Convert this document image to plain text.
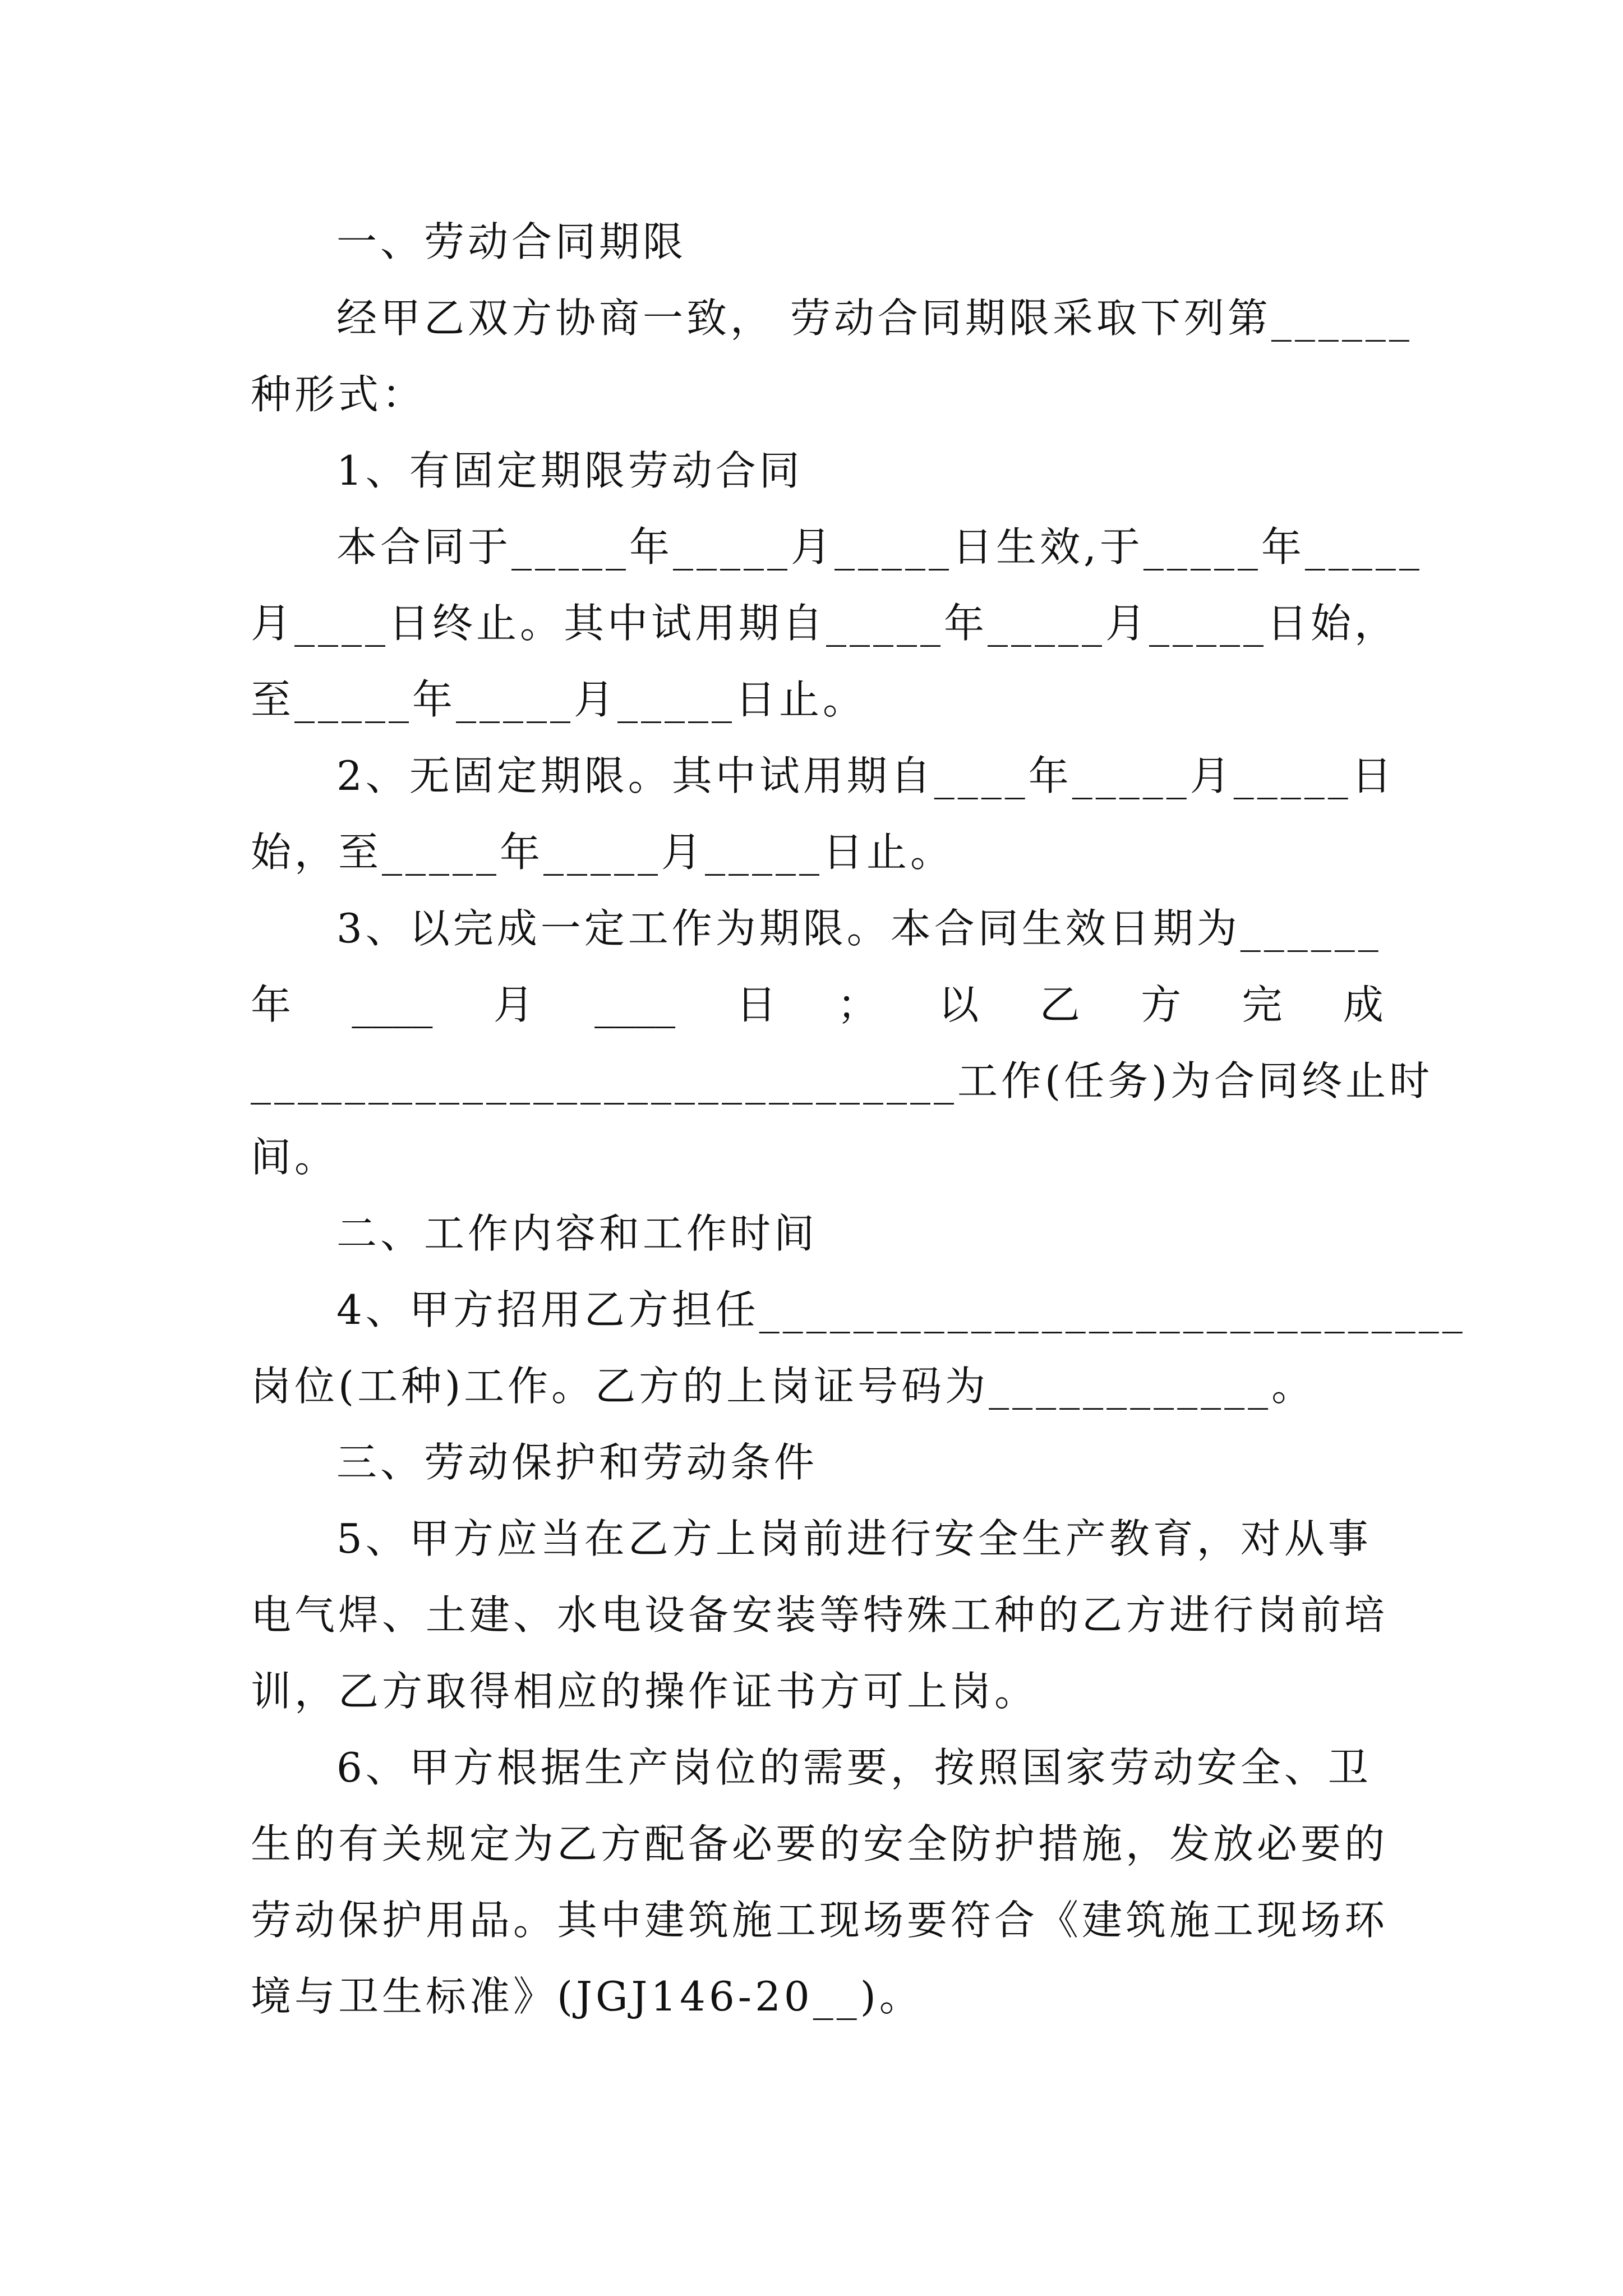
一、劳动合同期限
经甲乙双方协商一致， 劳动合同期限采取下列第______
种形式：
1、有固定期限劳动合同
本合同于_____年_____月_____日生效,于_____年_____
月____日终止。其中试用期自_____年_____月_____日始，
至_____年_____月_____日止。
2、无固定期限。其中试用期自____年_____月_____日
始，至_____年_____月_____日止。
3、以完成一定工作为期限。本合同生效日期为______
年 ____ 月 ____ 日 ； 以 乙 方 完 成
______________________________工作(任务)为合同终止时
间。
二、工作内容和工作时间
4、甲方招用乙方担任______________________________
岗位(工种)工作。乙方的上岗证号码为____________。
三、劳动保护和劳动条件
5、甲方应当在乙方上岗前进行安全生产教育，对从事
电气焊、土建、水电设备安装等特殊工种的乙方进行岗前培
训，乙方取得相应的操作证书方可上岗。
6、甲方根据生产岗位的需要，按照国家劳动安全、卫
生的有关规定为乙方配备必要的安全防护措施，发放必要的
劳动保护用品。其中建筑施工现场要符合《建筑施工现场环
境与卫生标准》(JGJ146-20__)。
